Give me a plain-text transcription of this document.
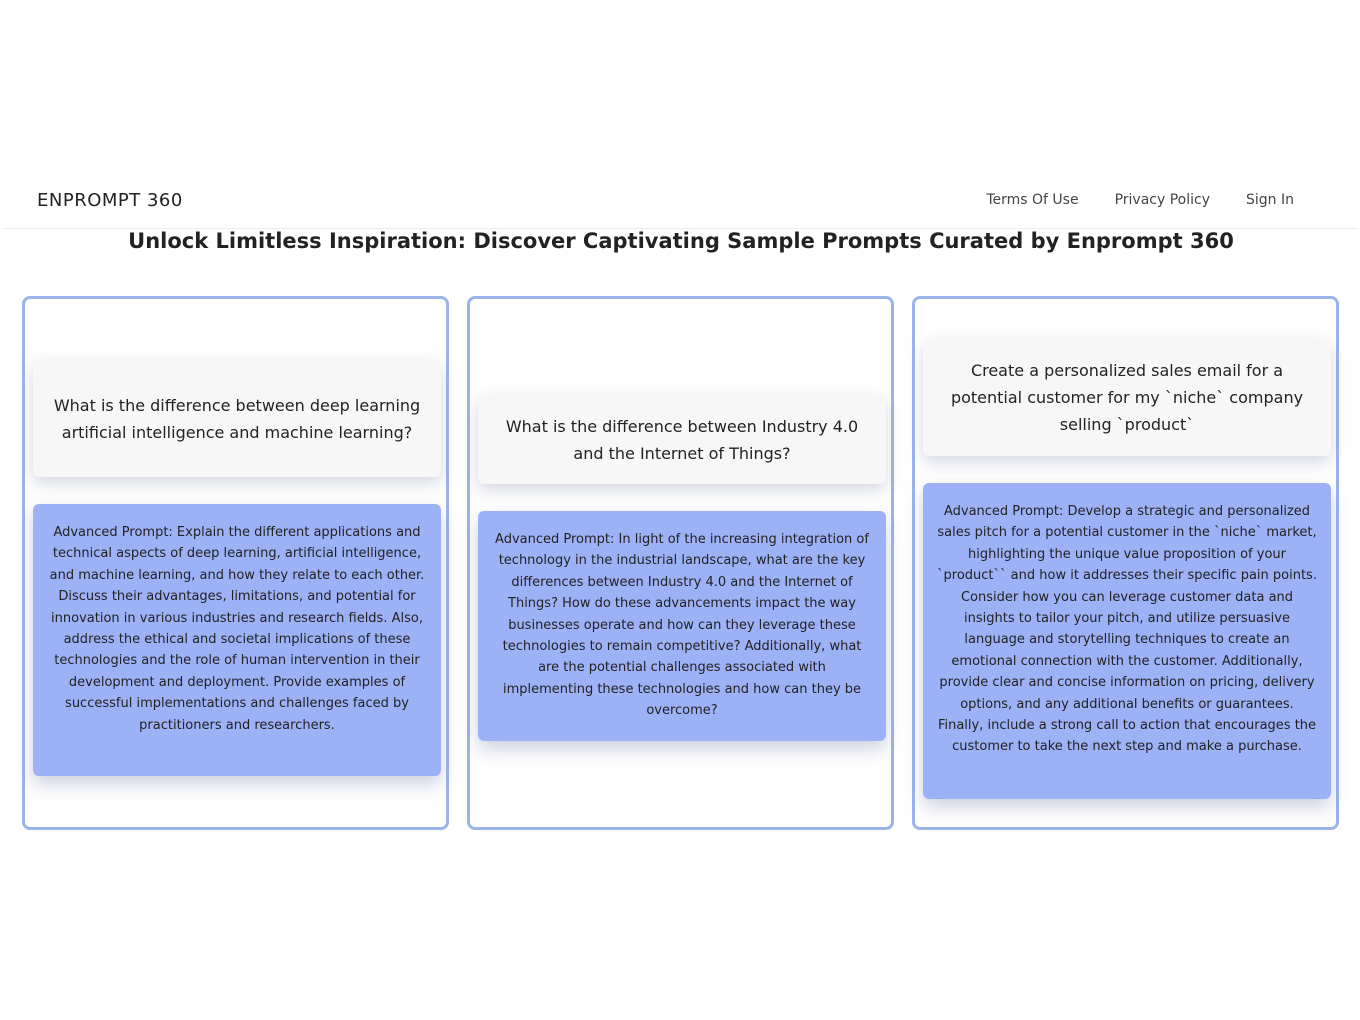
ENPROMPT 360	Terms Of Use	Privacy Policy	Sign In
Unlock Limitless Inspiration: Discover Captivating Sample Prompts Curated by Enprompt 360
What is the difference between deep learning artificial intelligence and machine learning?
Advanced Prompt: Explain the different applications and technical aspects of deep learning, artificial intelligence, and machine learning, and how they relate to each other. Discuss their advantages, limitations, and potential for innovation in various industries and research fields. Also, address the ethical and societal implications of these technologies and the role of human intervention in their development and deployment. Provide examples of successful implementations and challenges faced by practitioners and researchers.
What is the difference between Industry 4.0 and the Internet of Things?
Advanced Prompt: In light of the increasing integration of technology in the industrial landscape, what are the key differences between Industry 4.0 and the Internet of Things? How do these advancements impact the way businesses operate and how can they leverage these technologies to remain competitive? Additionally, what are the potential challenges associated with implementing these technologies and how can they be overcome?
Create a personalized sales email for a potential customer for my `niche` company selling `product`
Advanced Prompt: Develop a strategic and personalized sales pitch for a potential customer in the `niche` market, highlighting the unique value proposition of your `product`` and how it addresses their specific pain points. Consider how you can leverage customer data and insights to tailor your pitch, and utilize persuasive language and storytelling techniques to create an emotional connection with the customer. Additionally, provide clear and concise information on pricing, delivery options, and any additional benefits or guarantees. Finally, include a strong call to action that encourages the customer to take the next step and make a purchase.
